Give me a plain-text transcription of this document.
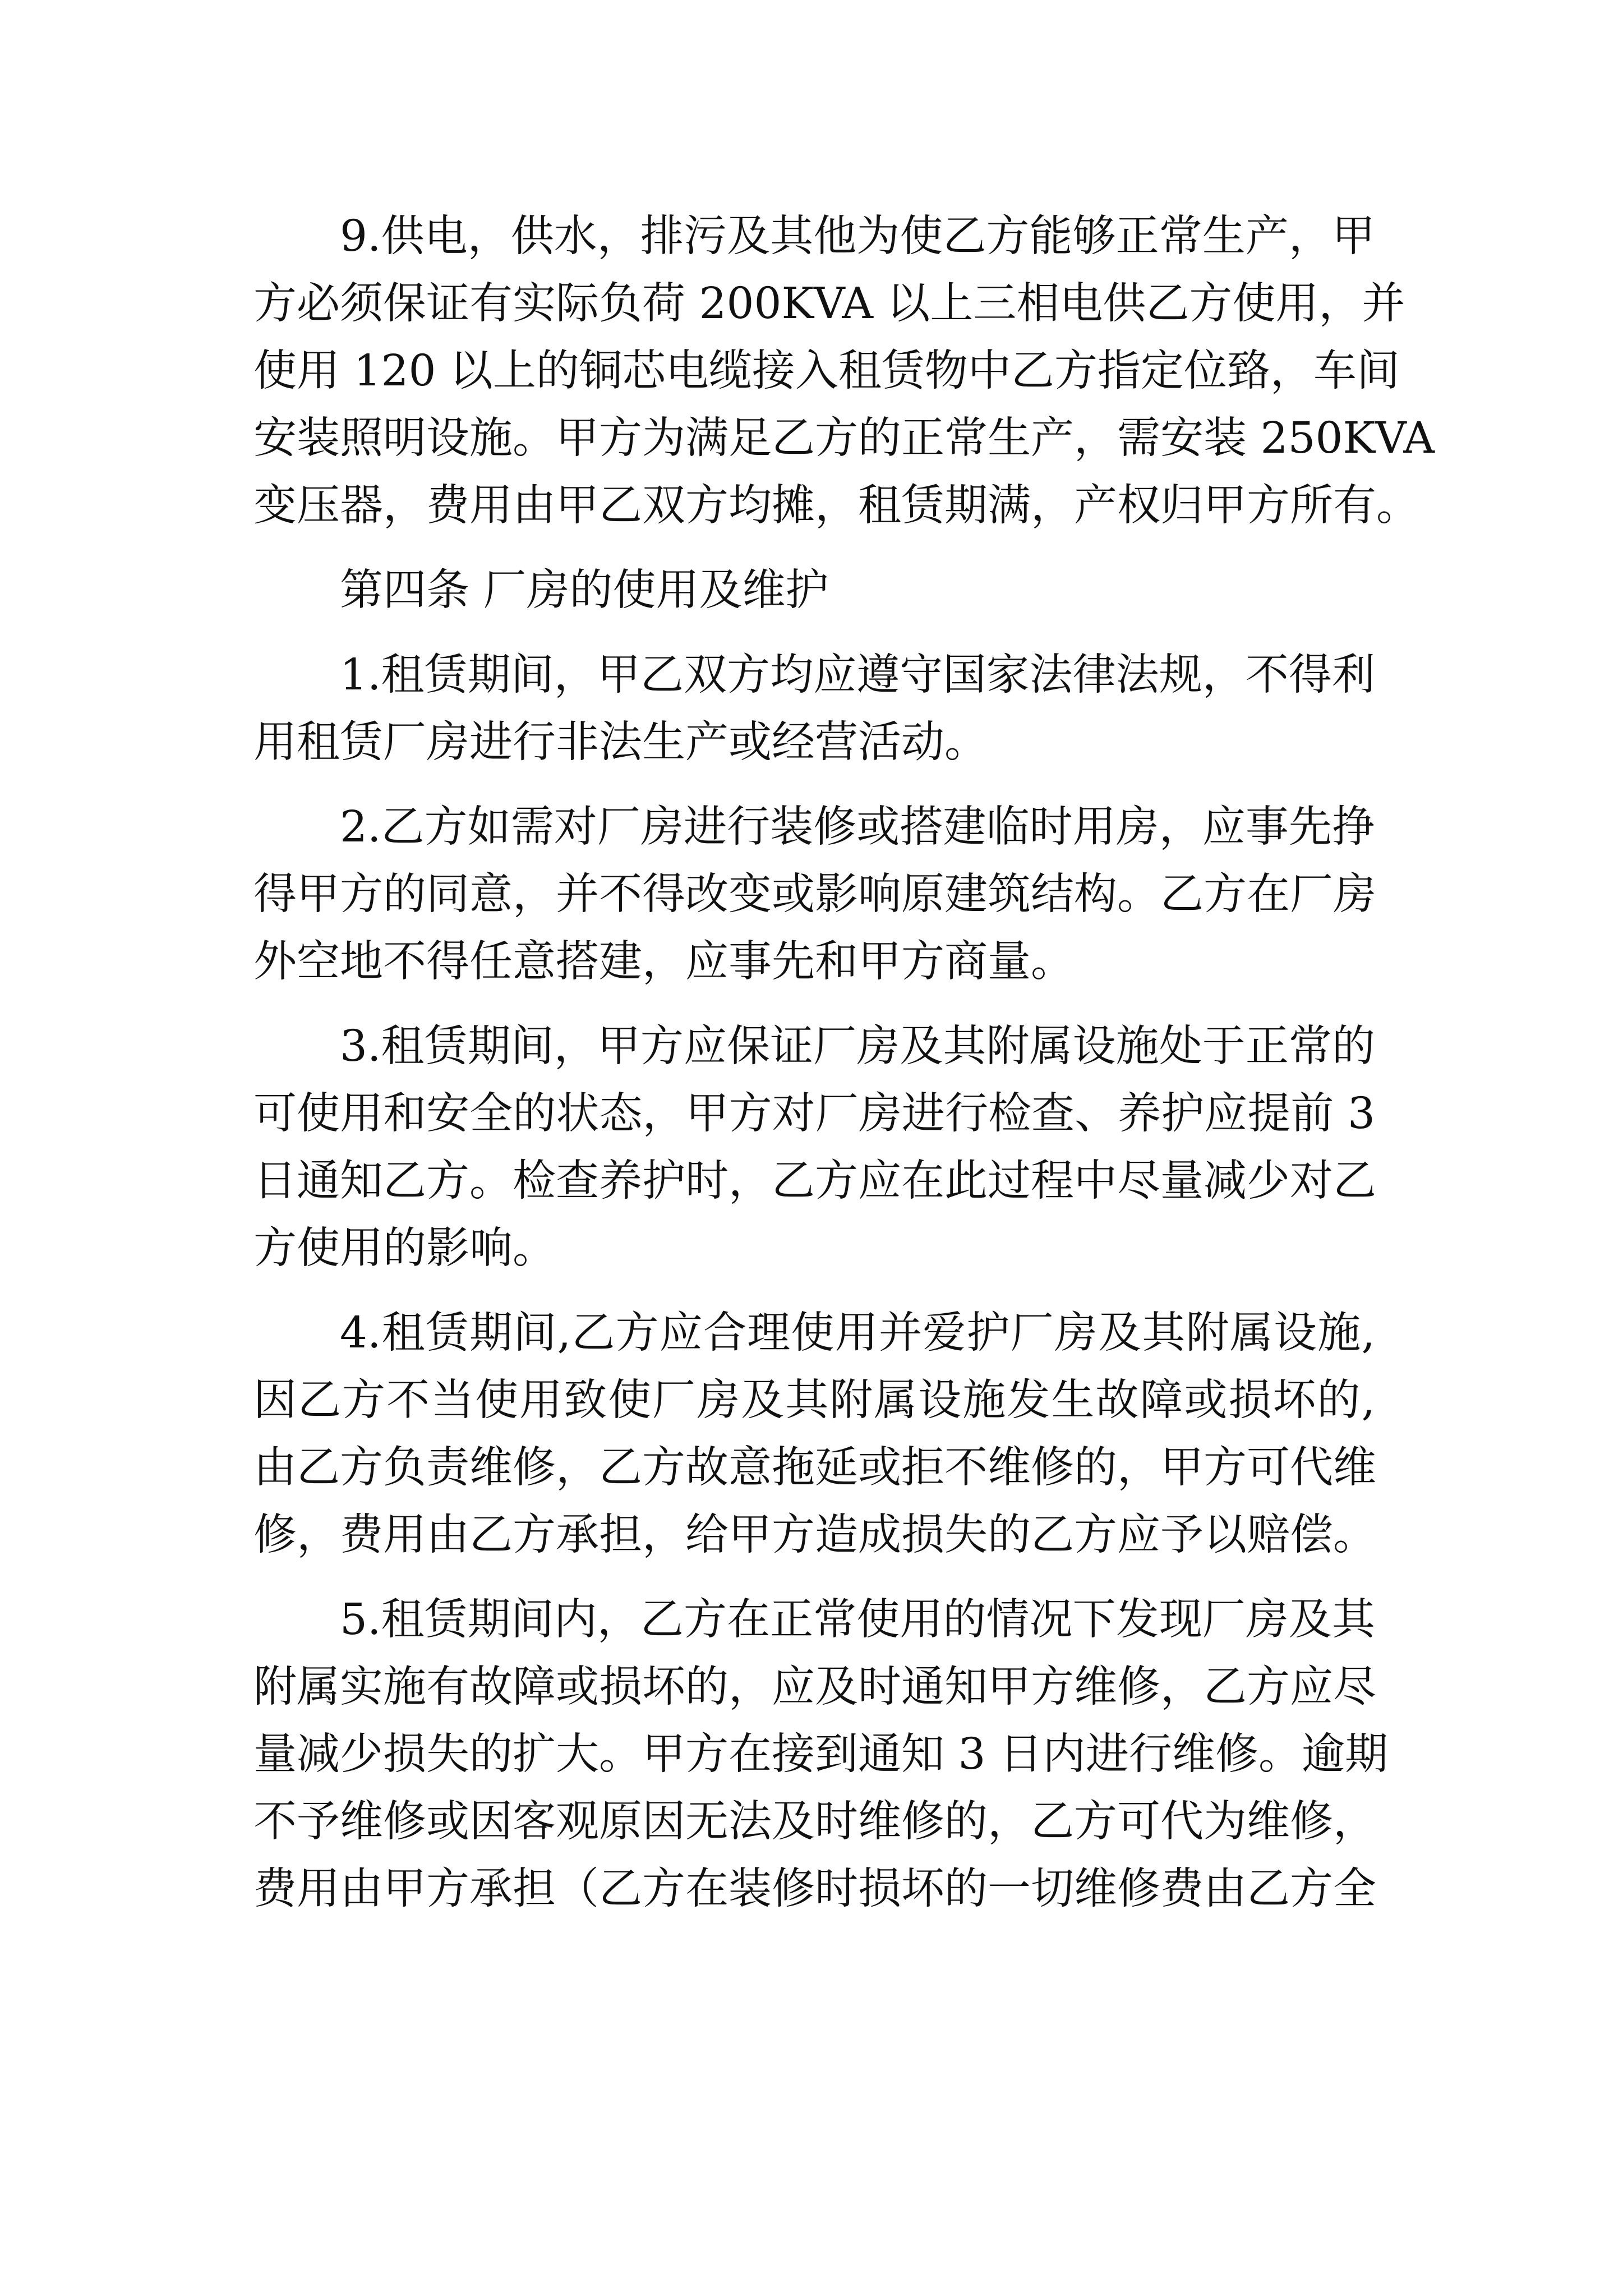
9.供电，供水，排污及其他为使乙方能够正常生产，甲
方必须保证有实际负荷 200KVA 以上三相电供乙方使用，并
使用 120 以上的铜芯电缆接入租赁物中乙方指定位臵，车间
安装照明设施。甲方为满足乙方的正常生产，需安装 250KVA
变压器，费用由甲乙双方均摊，租赁期满，产权归甲方所有。
第四条 厂房的使用及维护
1.租赁期间，甲乙双方均应遵守国家法律法规，不得利
用租赁厂房进行非法生产或经营活动。
2.乙方如需对厂房进行装修或搭建临时用房，应事先挣
得甲方的同意，并不得改变或影响原建筑结构。乙方在厂房
外空地不得任意搭建，应事先和甲方商量。
3.租赁期间，甲方应保证厂房及其附属设施处于正常的
可使用和安全的状态，甲方对厂房进行检查、养护应提前 3
日通知乙方。检查养护时，乙方应在此过程中尽量减少对乙
方使用的影响。
4.租赁期间,乙方应合理使用并爱护厂房及其附属设施,
因乙方不当使用致使厂房及其附属设施发生故障或损坏的,
由乙方负责维修，乙方故意拖延或拒不维修的，甲方可代维
修，费用由乙方承担，给甲方造成损失的乙方应予以赔偿。
5.租赁期间内，乙方在正常使用的情况下发现厂房及其
附属实施有故障或损坏的，应及时通知甲方维修，乙方应尽
量减少损失的扩大。甲方在接到通知 3 日内进行维修。逾期
不予维修或因客观原因无法及时维修的，乙方可代为维修，
费用由甲方承担（乙方在装修时损坏的一切维修费由乙方全
